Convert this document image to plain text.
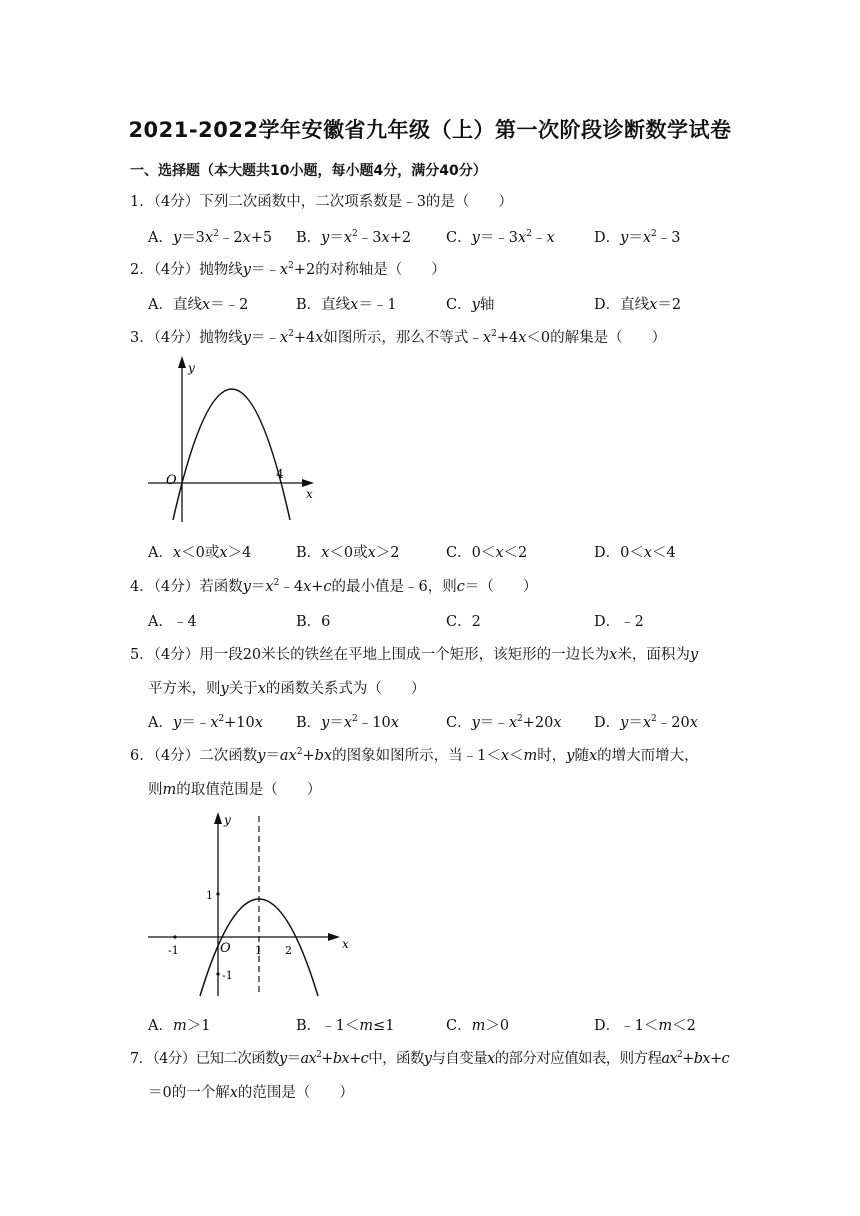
2021-2022学年安徽省九年级（上）第一次阶段诊断数学试卷
一、选择题（本大题共10小题，每小题4分，满分40分）
1．（4分）下列二次函数中，二次项系数是﹣3的是（　　）
A．$y=3x^2﹣2x+5$ B．$y=x^2﹣3x+2$ C．$y=﹣3x^2﹣x$	D．$y=x^2﹣3$
2．（4分）抛物线$y=﹣x^2+2$的对称轴是（　　）
A．直线x＝﹣2	B．直线x＝﹣1	C．y轴	D．直线x＝2
3．（4分）抛物线$y=﹣x^2+4x$如图所示，那么不等式$﹣x^2+4x<0$的解集是（　　）
y
x
O	4
A．x＜0或x＞4	B．x＜0或x＞2	C．0＜x＜2	D．0＜x＜4
4．（4分）若函数$y=x^2﹣4x+c$的最小值是﹣6，则c＝（　　）
A．﹣4	B．6	C．2	D．﹣2
5．（4分）用一段20米长的铁丝在平地上围成一个矩形，该矩形的一边长为x米，面积为y
平方米，则y关于x的函数关系式为（　　）
A．$y=﹣x^2+10x$ B．$y=x^2﹣10x$	C．$y=﹣x^2+20x$ D．$y=x^2﹣20x$
6．（4分）二次函数$y=ax^2+bx$的图象如图所示，当﹣1＜x＜m时，y随x的增大而增大，
则m的取值范围是（　　）
y
x
O
-1	1 2
1
-1
A．m＞1	B．﹣1＜m≤1	C．m＞0	D．﹣1＜m＜2
7．（4分）已知二次函数$y=ax^2+bx+c$中，函数y与自变量x的部分对应值如表，则方程$ax^2+bx+c$
＝0的一个解x的范围是（　　）
